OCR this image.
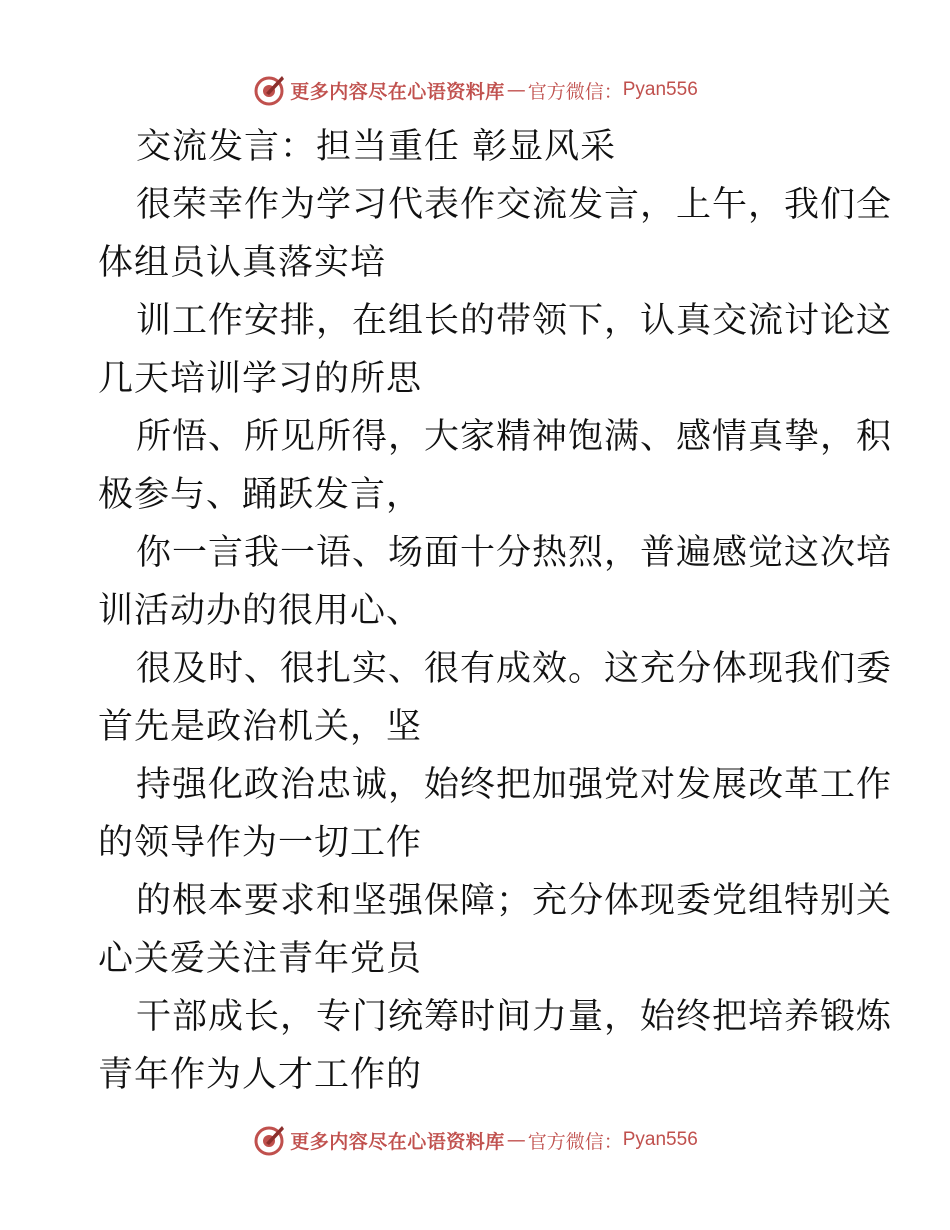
更多内容尽在心语资料库 — 官方微信： Pyan556
交流发言：担当重任 彰显风采
很荣幸作为学习代表作交流发言，上午，我们全
体组员认真落实培
训工作安排，在组长的带领下，认真交流讨论这
几天培训学习的所思
所悟、所见所得，大家精神饱满、感情真挚，积
极参与、踊跃发言，
你一言我一语、场面十分热烈，普遍感觉这次培
训活动办的很用心、
很及时、很扎实、很有成效。这充分体现我们委
首先是政治机关，坚
持强化政治忠诚，始终把加强党对发展改革工作
的领导作为一切工作
的根本要求和坚强保障；充分体现委党组特别关
心关爱关注青年党员
干部成长，专门统筹时间力量，始终把培养锻炼
青年作为人才工作的
更多内容尽在心语资料库 — 官方微信： Pyan556
